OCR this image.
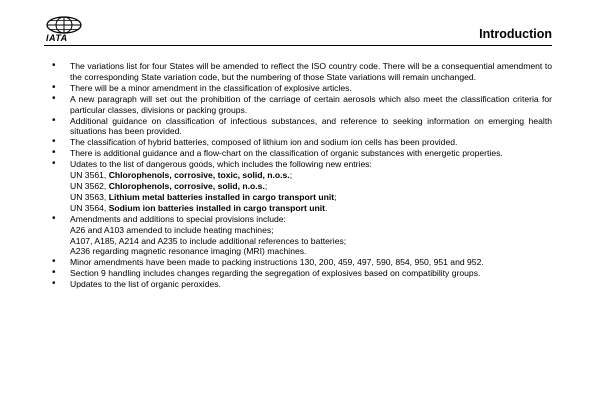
IATA	Introduction
• The variations list for four States will be amended to reflect the ISO country code. There will be a consequential amendment to the corresponding State variation code, but the numbering of those State variations will remain unchanged.
• There will be a minor amendment in the classification of explosive articles.
• A new paragraph will set out the prohibition of the carriage of certain aerosols which also meet the classification criteria for particular classes, divisions or packing groups.
• Additional guidance on classification of infectious substances, and reference to seeking information on emerging health situations has been provided.
• The classification of hybrid batteries, composed of lithium ion and sodium ion cells has been provided.
• There is additional guidance and a flow-chart on the classification of organic substances with energetic properties.
• Udates to the list of dangerous goods, which includes the following new entries:
UN 3561, Chlorophenols, corrosive, toxic, solid, n.o.s.;
UN 3562, Chlorophenols, corrosive, solid, n.o.s.;
UN 3563, Lithium metal batteries installed in cargo transport unit;
UN 3564, Sodium ion batteries installed in cargo transport unit.
• Amendments and additions to special provisions include:
A26 and A103 amended to include heating machines;
A107, A185, A214 and A235 to include additional references to batteries;
A236 regarding magnetic resonance imaging (MRI) machines.
• Minor amendments have been made to packing instructions 130, 200, 459, 497, 590, 854, 950, 951 and 952.
• Section 9 handling includes changes regarding the segregation of explosives based on compatibility groups.
• Updates to the list of organic peroxides.
